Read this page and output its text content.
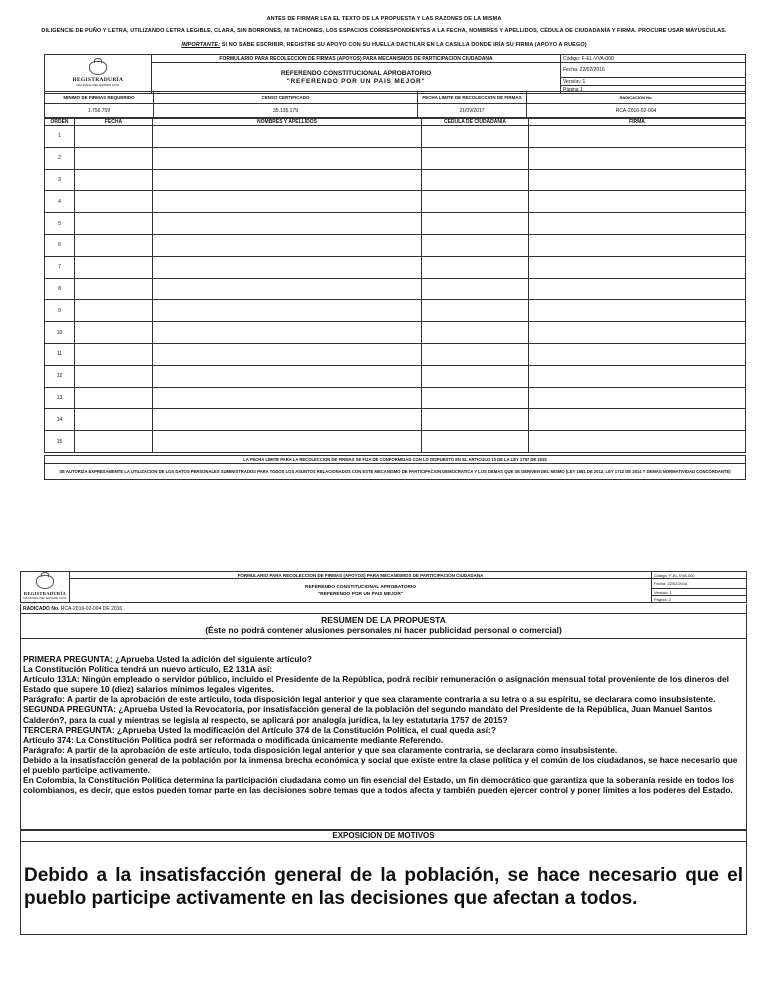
ANTES DE FIRMAR LEA EL TEXTO DE LA PROPUESTA Y LAS RAZONES DE LA MISMA
DILIGENCIE DE PUÑO Y LETRA, UTILIZANDO LETRA LEGIBLE, CLARA, SIN BORRONES, NI TACHONES, LOS ESPACIOS CORRESPONDIENTES A LA FECHA, NOMBRES Y APELLIDOS, CÉDULA DE CIUDADANÍA Y FIRMA. PROCURE USAR MAYUSCULAS.
IMPORTANTE: SI NO SABE ESCRIBIR, REGISTRE SU APOYO CON SU HUELLA DACTILAR EN LA CASILLA DONDE IRÍA SU FIRMA (APOYO A RUEGO)
REGISTRADURÍA
NACIONAL DEL ESTADO CIVIL	FORMULARIO PARA RECOLECCION DE FIRMAS (APOYOS) PARA MECANISMOS DE PARTICIPACION CIUDADANA	Código: F-EL-VVA-000

	REFERENDO CONSTITUCIONAL APROBATORIO
"REFERENDO POR UN PAIS MEJOR"	Fecha: 22/02/2016
		Versión: 1
		Página 1
MINIMO DE FIRMAS REQUERIDO	CENSO CERTIFICADO	FECHA LIMITE DE RECOLECCION DE FIRMAS	RADICACION No.
1.756.759	35.135.179	21/09/2017	RCA-2016-02-004
ORDEN	FECHA	NOMBRES Y APELLIDOS	CEDULA DE CIUDADANIA	FIRMA
1				
2				
3				
4				
5				
6				
7				
8				
9				
10				
11				
12				
13				
14				
15				
LA FECHA LIMITE PARA LA RECOLECCION DE FIRMAS SE FIJA DE CONFORMIDAD CON LO DISPUESTO EN EL ARTICULO 10 DE LA LEY 1757 DE 2015
SE AUTORIZA EXPRESAMENTE LA UTILIZACION DE LOS DATOS PERSONALES SUMINISTRADOS PARA TODOS LOS ASUNTOS RELACIONADOS CON ESTE MECANISMO DE PARTICIPACION DEMOCRATICA Y LOS DEMAS QUE SE DERIVEN DEL MISMO (LEY 1581 DE 2012, LEY 1712 DE 2014 Y DEMAS NORMATIVIDAD CONCORDANTE)
REGISTRADURÍA
NACIONAL DEL ESTADO CIVIL	FORMULARIO PARA RECOLECCION DE FIRMAS (APOYOS) PARA MECANISMOS DE PARTICIPACION CIUDADANA	Código: F-EL-VVA-000

	REFERENDO CONSTITUCIONAL APROBATORIO
"REFERENDO POR UN PAIS MEJOR"	Fecha: 22/02/2016
		Versión: 1
		Página: 2
RADICADO No. RCA-2016-02-004 DE 2016
RESUMEN DE LA PROPUESTA
(Éste no podrá contener alusiones personales ni hacer publicidad personal o comercial)

PRIMERA PREGUNTA: ¿Aprueba Usted la adición del siguiente artículo?

La Constitución Política tendrá un nuevo artículo, E2 131A así:

Artículo 131A: Ningún empleado o servidor público, incluido el Presidente de la República, podrá recibir remuneración o asignación mensual total proveniente de los dineros del Estado que supere 10 (diez) salarios mínimos legales vigentes.

Parágrafo: A partir de la aprobación de este artículo, toda disposición legal anterior y que sea claramente contraria a su letra o a su espíritu, se declarara como insubsistente.

SEGUNDA PREGUNTA: ¿Aprueba Usted la Revocatoria, por insatisfacción general de la población del segundo mandato del Presidente de la República, Juan Manuel Santos Calderón?, para la cual y mientras se legisla al respecto, se aplicará por analogía jurídica, la ley estatutaria 1757 de 2015?

TERCERA PREGUNTA: ¿Aprueba Usted la modificación del Artículo 374 de la Constitución Política, el cual queda así:?

Artículo 374: La Constitución Política podrá ser reformada o modificada únicamente mediante Referendo.

Parágrafo: A partir de la aprobación de este artículo, toda disposición legal anterior y que sea claramente contraria, se declarara como insubsistente.

Debido a la insatisfacción general de la población por la inmensa brecha económica y social que existe entre la clase política y el común de los ciudadanos, se hace necesario que el pueblo participe activamente.

En Colombia, la Constitución Política determina la participación ciudadana como un fin esencial del Estado, un fin democrático que garantiza que la soberanía reside en todos los colombianos, es decir, que estos pueden tomar parte en las decisiones sobre temas que a todos afecta y también pueden ejercer control y poner límites a los poderes del Estado.

EXPOSICION DE MOTIVOS
Debido a la insatisfacción general de la población, se hace necesario que el pueblo participe activamente en las decisiones que afectan a todos.
